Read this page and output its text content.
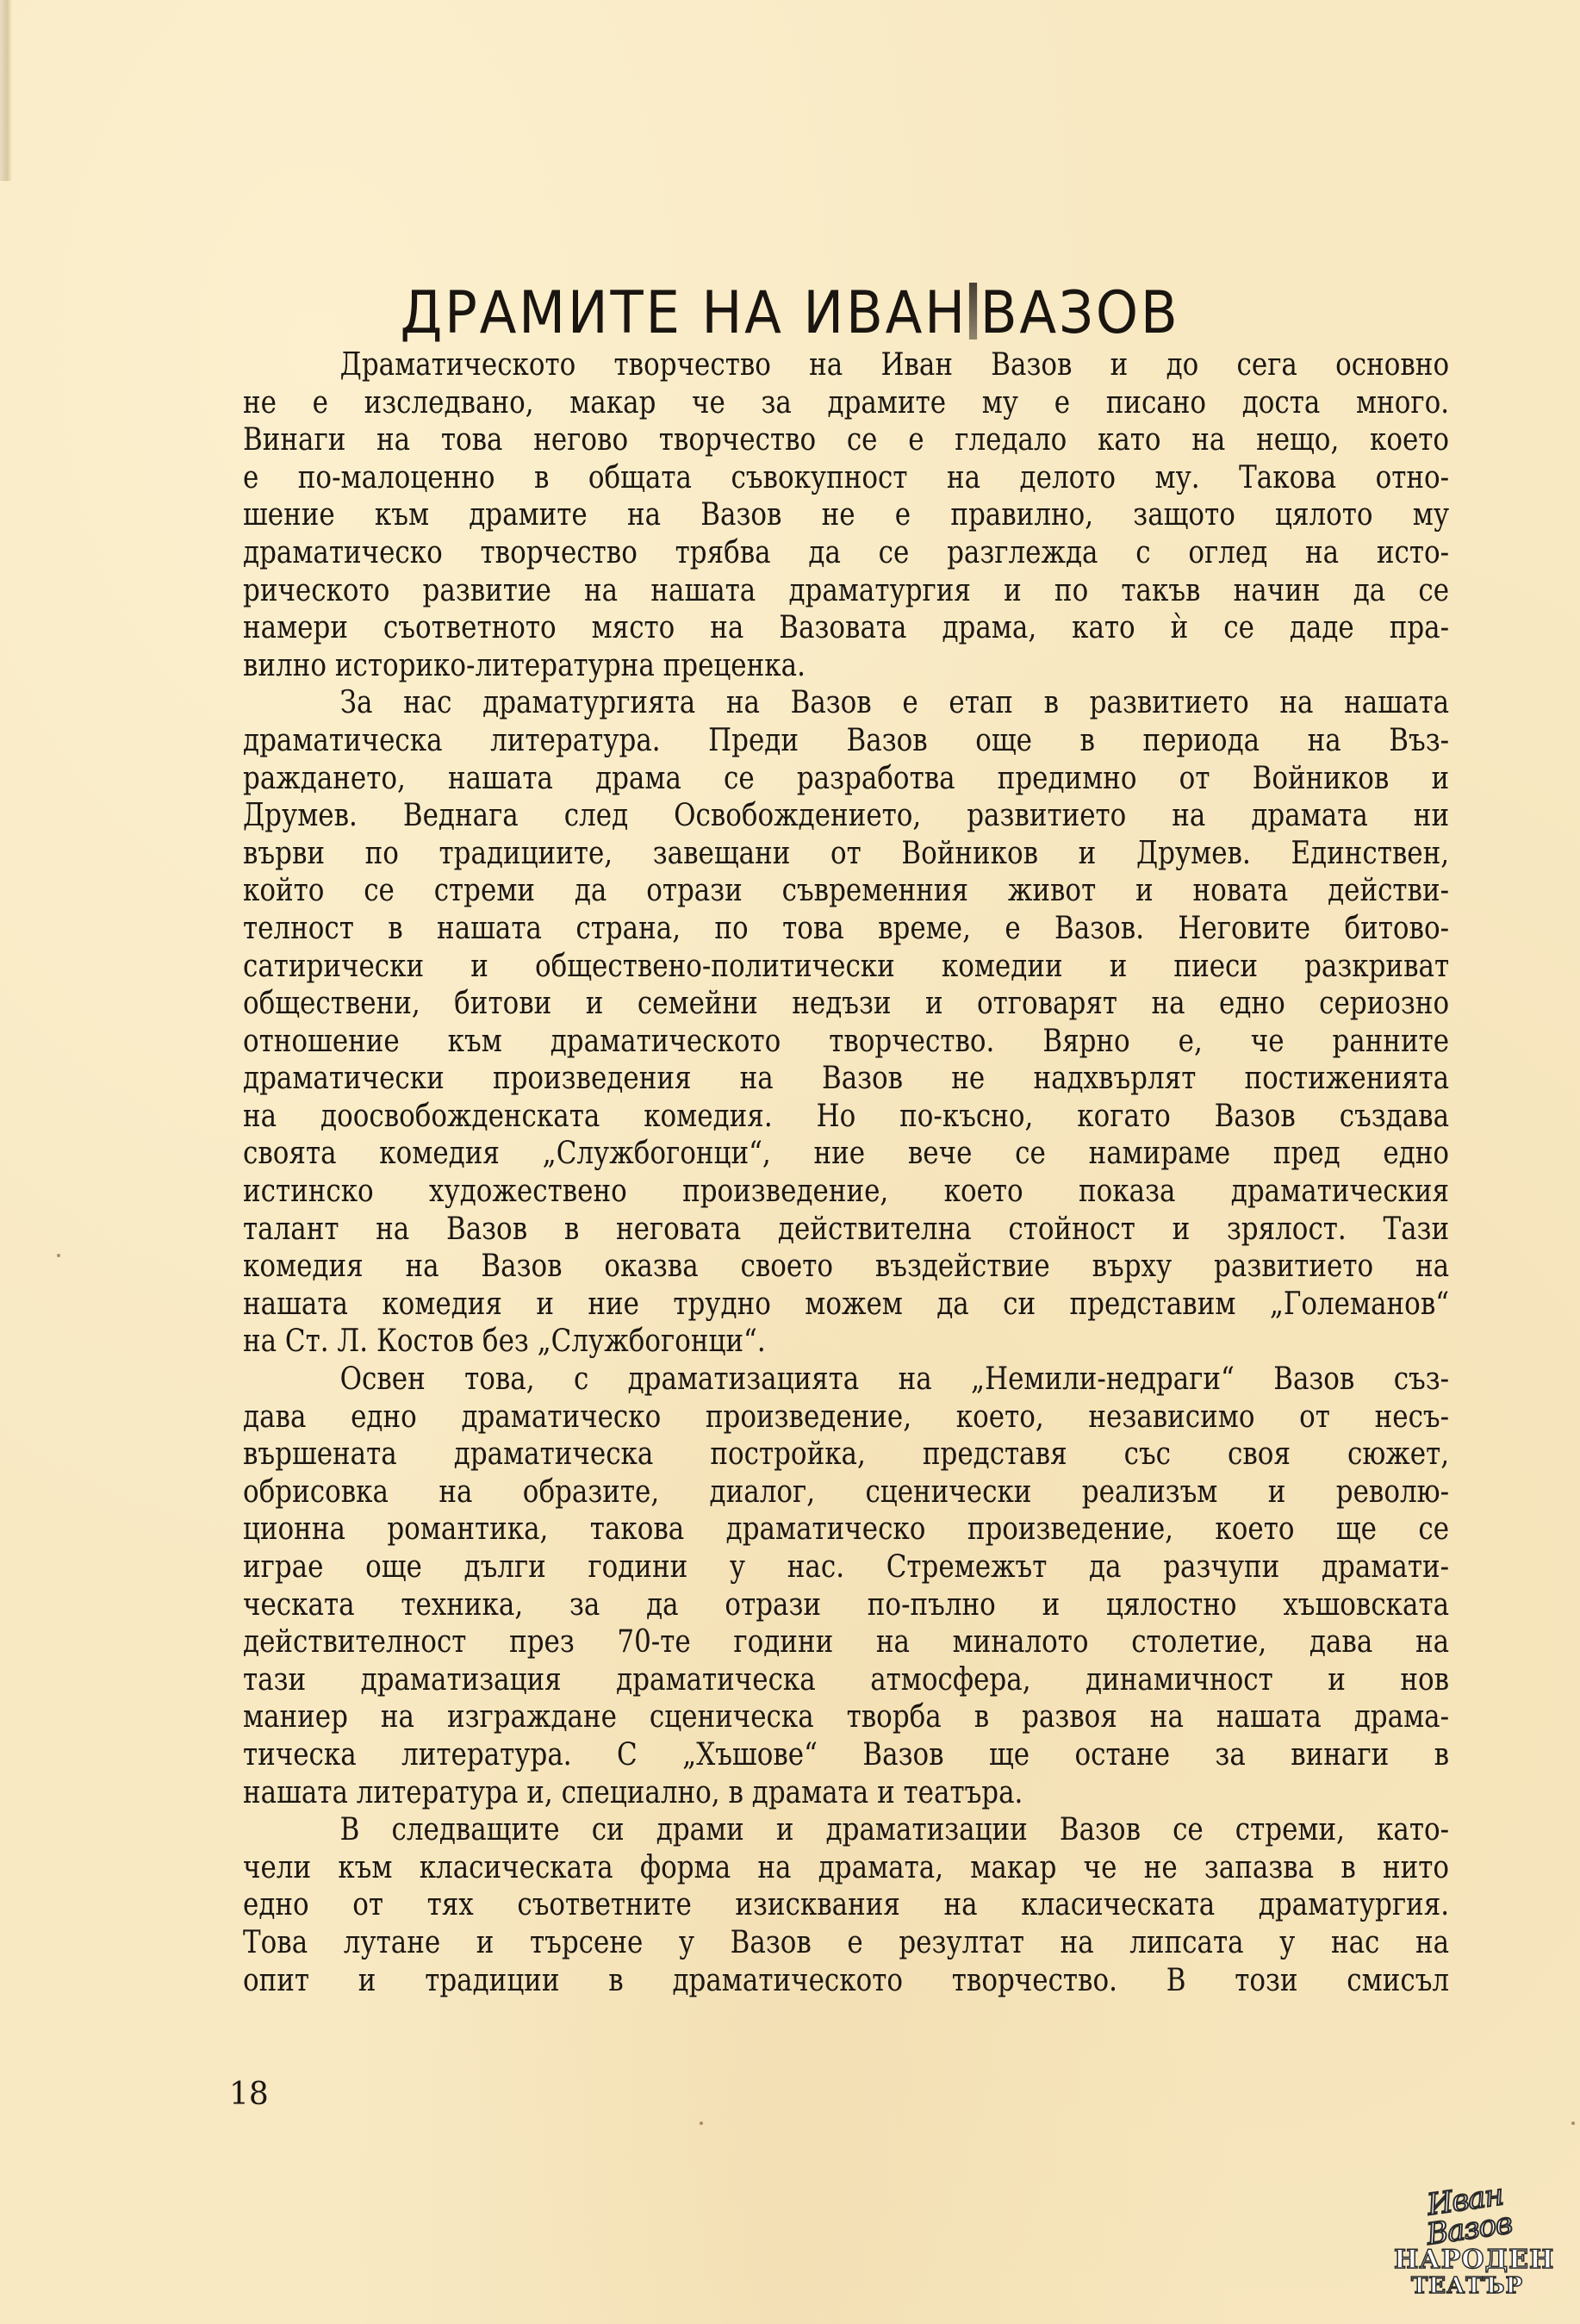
ДРАМИТЕ НА ИВАН ВАЗОВ
Драматическото творчество на Иван Вазов и до сега основно
не е изследвано, макар че за драмите му е писано доста много.
Винаги на това негово творчество се е гледало като на нещо, което
е по-малоценно в общата съвокупност на делото му. Такова отно-
шение към драмите на Вазов не е правилно, защото цялото му
драматическо творчество трябва да се разглежда с оглед на исто-
рическото развитие на нашата драматургия и по такъв начин да се
намери съответното място на Вазовата драма, като ѝ се даде пра-
вилно историко-литературна преценка.
За нас драматургията на Вазов е етап в развитието на нашата
драматическа литература. Преди Вазов още в периода на Въз-
раждането, нашата драма се разработва предимно от Войников и
Друмев. Веднага след Освобождението, развитието на драмата ни
върви по традициите, завещани от Войников и Друмев. Единствен,
който се стреми да отрази съвременния живот и новата действи-
телност в нашата страна, по това време, е Вазов. Неговите битово-
сатирически и обществено-политически комедии и пиеси разкриват
обществени, битови и семейни недъзи и отговарят на едно сериозно
отношение към драматическото творчество. Вярно е, че ранните
драматически произведения на Вазов не надхвърлят постиженията
на доосвобожденската комедия. Но по-късно, когато Вазов създава
своята комедия „Службогонци“, ние вече се намираме пред едно
истинско художествено произведение, което показа драматическия
талант на Вазов в неговата действителна стойност и зрялост. Тази
комедия на Вазов оказва своето въздействие върху развитието на
нашата комедия и ние трудно можем да си представим „Големанов“
на Ст. Л. Костов без „Службогонци“.
Освен това, с драматизацията на „Немили-недраги“ Вазов съз-
дава едно драматическо произведение, което, независимо от несъ-
вършената драматическа постройка, представя със своя сюжет,
обрисовка на образите, диалог, сценически реализъм и револю-
ционна романтика, такова драматическо произведение, което ще се
играе още дълги години у нас. Стремежът да разчупи драмати-
ческата техника, за да отрази по-пълно и цялостно хъшовската
действителност през 70-те години на миналото столетие, дава на
тази драматизация драматическа атмосфера, динамичност и нов
маниер на изграждане сценическа творба в развоя на нашата драма-
тическа литература. С „Хъшове“ Вазов ще остане за винаги в
нашата литература и, специално, в драмата и театъра.
В следващите си драми и драматизации Вазов се стреми, като-
чели към класическата форма на драмата, макар че не запазва в нито
едно от тях съответните изисквания на класическата драматургия.
Това лутане и търсене у Вазов е резултат на липсата у нас на
опит и традиции в драматическото творчество. В този смисъл
18
Иван Вазов
НАРОДЕН
ТЕАТЪР
